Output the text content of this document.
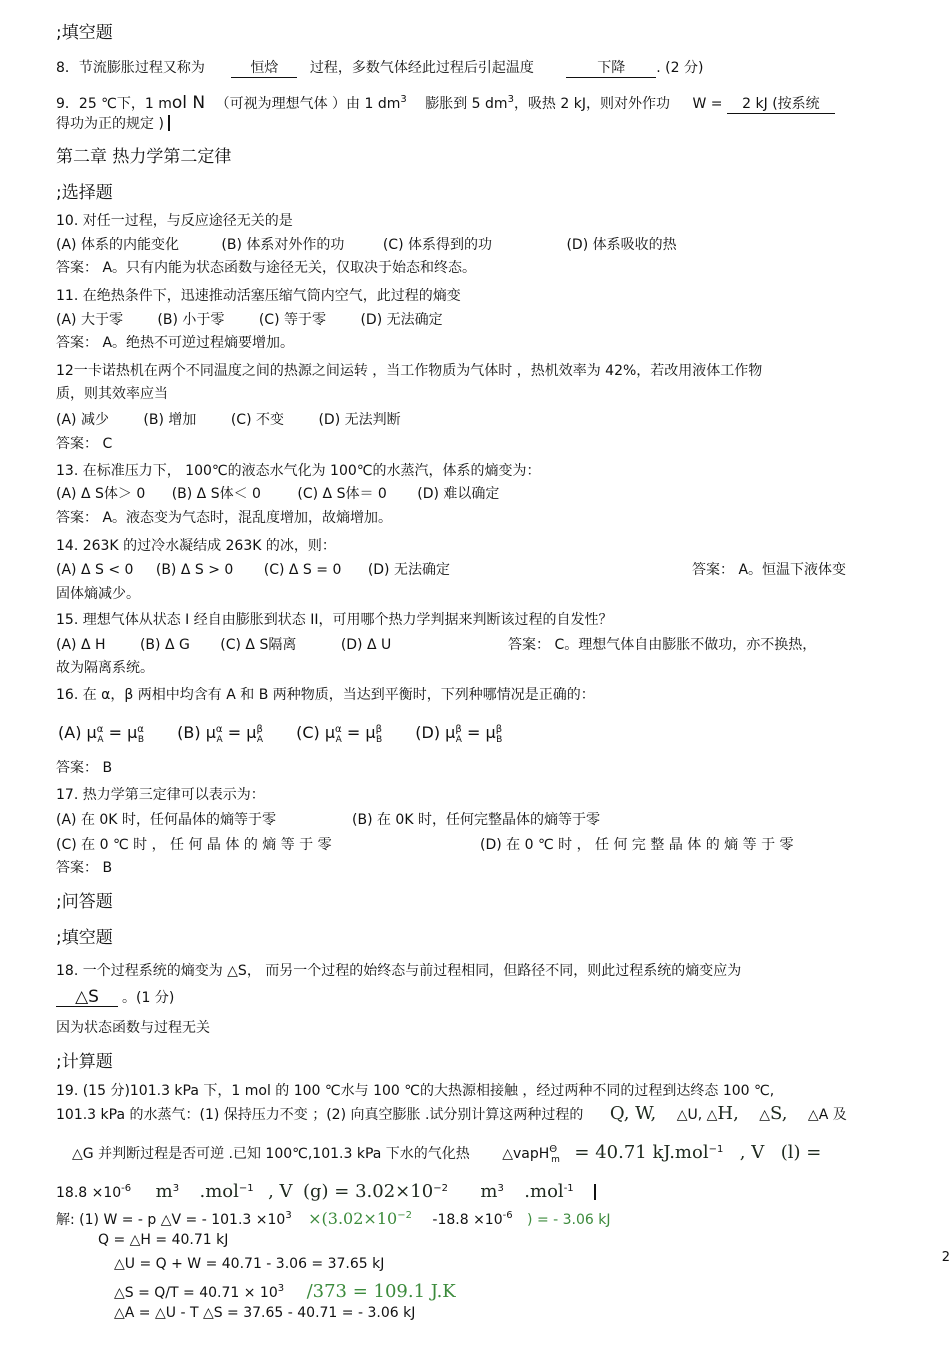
;填空题
8．节流膨胀过程又称为	恒焓 过程，多数气体经此过程后引起温度	下降 . (2 分)
9．25 ℃下，1 mol N （可视为理想气体 ）由 1 $dm^3$ 膨胀到 5 $dm^3$，吸热 2 kJ，则对外作功 W = 2 kJ (按系统
得功为正的规定 )
第二章 热力学第二定律
;选择题
10. 对任一过程，与反应途径无关的是
(A) 体系的内能变化	(B) 体系对外作的功	(C) 体系得到的功	(D) 体系吸收的热
答案： A。只有内能为状态函数与途径无关，仅取决于始态和终态。
11. 在绝热条件下，迅速推动活塞压缩气筒内空气，此过程的熵变
(A) 大于零 (B) 小于零 (C) 等于零 (D) 无法确定
答案： A。绝热不可逆过程熵要增加。
12一卡诺热机在两个不同温度之间的热源之间运转 ，当工作物质为气体时 ，热机效率为 42%，若改用液体工作物
质，则其效率应当
(A) 减少 (B) 增加 (C) 不变 (D) 无法判断
答案： C
13. 在标准压力下， 100℃的液态水气化为 100℃的水蒸汽，体系的熵变为：
(A) Δ S体＞ 0 (B) Δ S体＜ 0	(C) Δ S体＝ 0 (D) 难以确定
答案： A。液态变为气态时，混乱度增加，故熵增加。
14. 263K 的过冷水凝结成 263K 的冰，则：
(A) Δ S < 0 (B) Δ S > 0 (C) Δ S = 0 (D) 无法确定	答案： A。恒温下液体变
固体熵减少。
15. 理想气体从状态 I 经自由膨胀到状态 II，可用哪个热力学判据来判断该过程的自发性？
(A) Δ H (B) Δ G (C) Δ S隔离	(D) Δ U	答案： C。理想气体自由膨胀不做功，亦不换热，
故为隔离系统。
16. 在 α，β 两相中均含有 A 和 B 两种物质，当达到平衡时，下列种哪情况是正确的：
(A) $\mu^\alpha_A = \mu^\alpha_B$ (B) $\mu^\alpha_A = \mu^\beta_A$ (C) $\mu^\alpha_A = \mu^\beta_B$ (D) $\mu^\beta_A = \mu^\beta_B$
答案： B
17. 热力学第三定律可以表示为：
(A) 在 0K 时，任何晶体的熵等于零	(B) 在 0K 时，任何完整晶体的熵等于零
(C) 在 0 ℃ 时 ， 任 何 晶 体 的 熵 等 于 零	(D) 在 0 ℃ 时 ， 任 何 完 整 晶 体 的 熵 等 于 零
答案： B
;问答题
;填空题
18. 一个过程系统的熵变为 △S， 而另一个过程的始终态与前过程相同，但路径不同，则此过程系统的熵变应为
△S 。(1 分)
因为状态函数与过程无关
;计算题
19. (15 分)101.3 kPa 下，1 mol 的 100 ℃水与 100 ℃的大热源相接触 ，经过两种不同的过程到达终态 100 ℃,
101.3 kPa 的水蒸气：(1) 保持压力不变 ；(2) 向真空膨胀 .试分别计算这两种过程的 Q, W, △U, △H, △S, △A 及
△G 并判断过程是否可逆 .已知 100℃,101.3 kPa 下水的气化热 △vapH$^\Theta_m$ = 40.71 kJ.mol$^{-1}$ , V (l) =
$18.8 \times 10^{-6}$ $m^3$ .mol$^{-1}$ , V $(g) = 3.02\times 10^{-2}$ $m^3$ .mol$^{-1}$
解: (1) W = - p △V = - $101.3 \times 10^3 \times(3.02\times 10^{-2}$ $-18.8 \times 10^{-6}$ ) = - 3.06 kJ
Q = △H = 40.71 kJ
△U = Q + W = 40.71 - 3.06 = 37.65 kJ
△S = $Q/T = 40.71 \times 10^3$ /373 = 109.1 J.K
△A = △U - T △S = 37.65 - 40.71 = - 3.06 kJ
2
